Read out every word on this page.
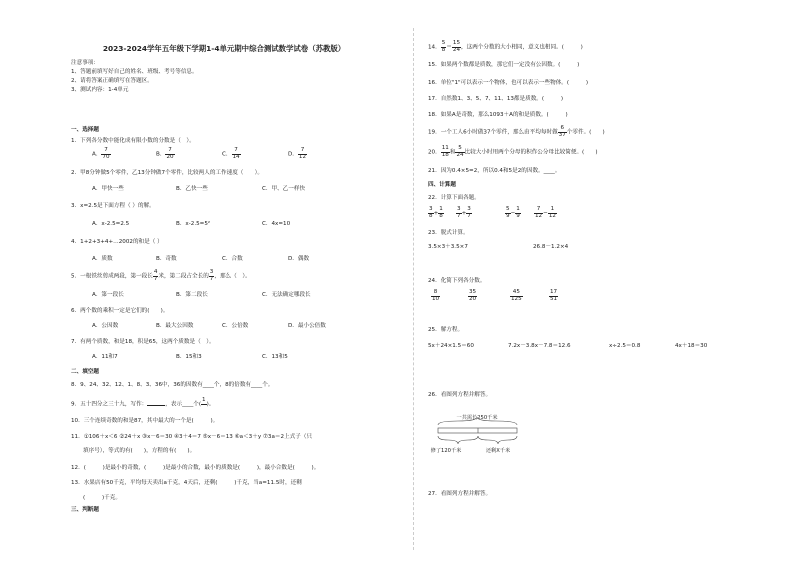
2023-2024学年五年级下学期1-4单元期中综合测试数学试卷（苏教版）
注意事项：
1、答题前填写好自己的姓名、班级、考号等信息。
2、请将答案正确填写在答题区。
3、测试内容：1-4单元
一、选择题
1．下列各分数中能化成有限小数的分数是（　）。
A． $\frac{7}{70}$	B． $\frac{7}{20}$	C． $\frac{7}{14}$	D． $\frac{7}{12}$
2．甲8分钟做5个零件，乙13分钟做7个零件，比较两人的工作速度（　　）。
A．甲快一些	B．乙快一些	C．甲、乙一样快
3．x=2.5是下面方程（ ）的解。
A．x-2.5=2.5	B．x-2.5=5²	C．4x=10
4．1+2+3+4+…2002的和是（ ）
A．质数	B．奇数	C．合数	D．偶数
5．一根铁丝剪成两段，第一段长 $\frac{4}{7}$ 米，第二段占全长的 $\frac{3}{7}$ ，那么（　）。
A．第一段长	B．第二段长	C．无法确定哪段长
6．两个数的乘积一定是它们的(　　)。
A．公因数	B．最大公因数	C．公倍数	D．最小公倍数
7．有两个质数，和是18，积是65，这两个质数是（　）。
A．11和7	B．15和3	C．13和5
二、填空题
8．9、24、32、12、1、8、3、36中，36的因数有____个，8的倍数有____个。
9．五十四分之三十九，写作：	，表示____个(
1

)。
10．三个连续奇数的和是87，其中最大的一个是(　　　)。
11．①106＋x＜6 ②24＋x ③x－6＝30 ④3＋4＝7 ⑤x－6＝13 ⑥a＜3＋y ⑦3a＝2上式子（只
填序号），等式的有(　　)，方程的有(　　)。
12．(　　　)是最小的奇数，(　　　)是最小的合数，最小的质数是(　　　)，最小合数是(　　　)。
13．水果店有50千克，平均每天卖出a千克，4天后，还剩(　　　)千克，当a=11.5时，还剩
(　　　)千克。
三、判断题
14． $\frac{5}{8} = \frac{15}{24}$ ，这两个分数的大小相同，意义也相同。(　　　)
15．如果两个数都是质数，那它们一定没有公因数。(　　　)
16．单位"1"可以表示一个物体，也可以表示一些物体。(　　　)
17．自然数1、3、5、7、11、13都是质数。(　　　)
18．如果A是奇数，那么1093＋A的和是质数。(　　　)
19．一个工人6小时做37个零件，那么由平均每时做 $\frac{6}{37}$ 个零件。(　　)
20． $\frac{11}{18}$ 和 $\frac{5}{24}$ 比较大小时用两个分母的积作公分母比较简便。(　　)
21．因为0.4×5=2，所以0.4和5是2的因数。____。
四、计算题
22．计算下面各题。
$\frac{3}{8} + \frac{1}{8} \frac{3}{7} + \frac{3}{7}$	$\frac{5}{9} - \frac{1}{9} \frac{7}{12} - \frac{1}{12}$
23．脱式计算。
3.5×3＋3.5×7	26.8－1.2×4
24．化简下列各分数。
$\frac{8}{10}$	$\frac{35}{20}$	$\frac{45}{125}$	$\frac{17}{51}$
25．解方程。
5x＋24×1.5＝60	7.2x－3.8x－7.8＝12.6	x÷2.5＝0.8	4x＋18＝30
26．看图列方程并解答。
一共需长250千米
修了120千米	还剩X千米
27．看图列方程并解答。
